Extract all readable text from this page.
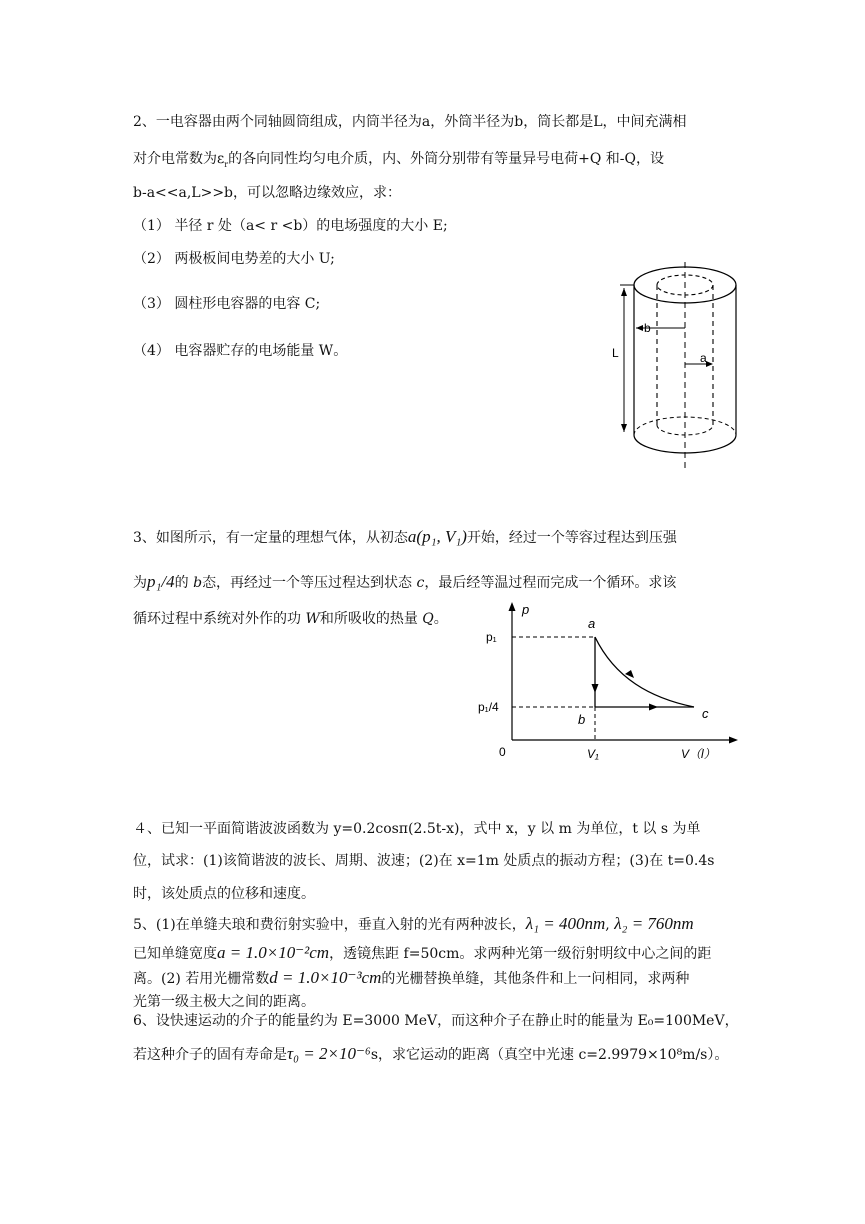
2、一电容器由两个同轴圆筒组成，内筒半径为a，外筒半径为b，筒长都是L，中间充满相
对介电常数为$\varepsilon_r$的各向同性均匀电介质，内、外筒分别带有等量异号电荷+Q 和-Q，设
b-a<<a,L>>b，可以忽略边缘效应，求：
（1） 半径 r 处（a< r <b）的电场强度的大小 E;
（2） 两极板间电势差的大小 U;
（3） 圆柱形电容器的电容 C;
（4） 电容器贮存的电场能量 W。	L
b
a
3、如图所示，有一定量的理想气体，从初态a(p₁, V₁)开始，经过一个等容过程达到压强
为p₁/4的 b态，再经过一个等压过程达到状态 c，最后经等温过程而完成一个循环。求该
循环过程中系统对外作的功 W和所吸收的热量 Q。
p
p₁
p₁/4
a
b	c
0	V₁	V（l）
４、已知一平面简谐波波函数为 y=0.2cosπ(2.5t-x)，式中 x，y 以 m 为单位，t 以 s 为单
位，试求：(1)该简谐波的波长、周期、波速；(2)在 x=1m 处质点的振动方程；(3)在 t=0.4s
时，该处质点的位移和速度。
5、(1)在单缝夫琅和费衍射实验中，垂直入射的光有两种波长，λ₁ = 400nm, λ₂ = 760nm
已知单缝宽度a = 1.0×10⁻²cm，透镜焦距 f=50cm。求两种光第一级衍射明纹中心之间的距
离。(2) 若用光栅常数d = 1.0×10⁻³cm的光栅替换单缝，其他条件和上一问相同，求两种
光第一级主极大之间的距离。
6、设快速运动的介子的能量约为 E=3000 MeV，而这种介子在静止时的能量为 E₀=100MeV，
若这种介子的固有寿命是τ₀ = 2×10⁻⁶s，求它运动的距离（真空中光速 c=2.9979×10⁸m/s）。
